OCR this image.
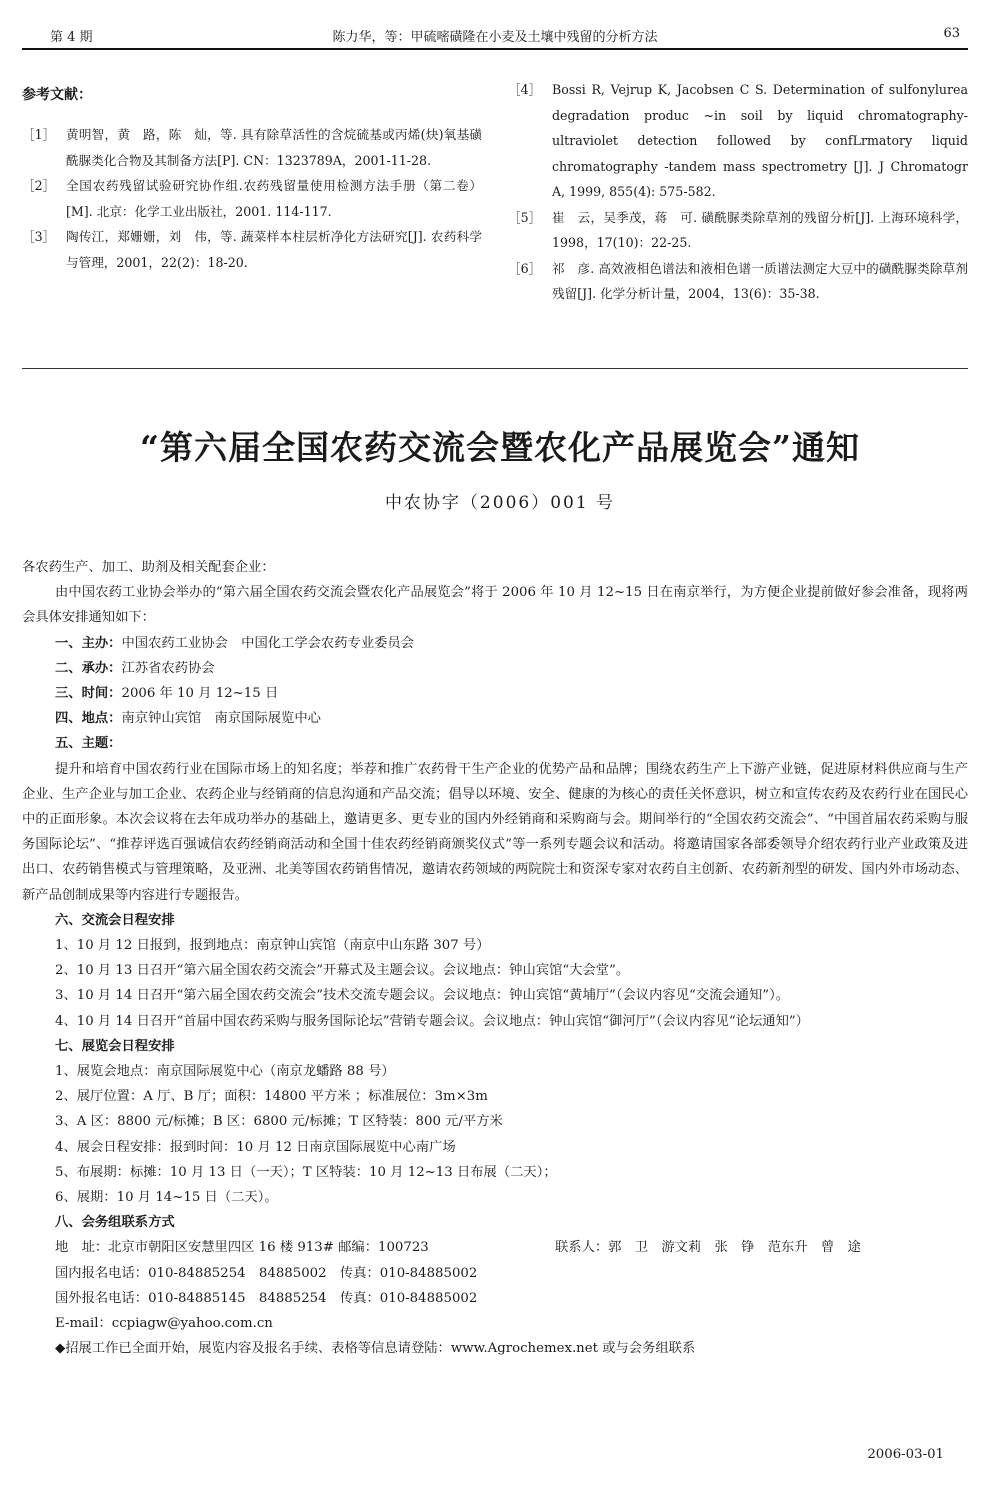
第 4 期	陈力华，等：甲硫嘧磺隆在小麦及土壤中残留的分析方法	63
参考文献：
［1］ 黄明智，黄　路，陈　灿，等. 具有除草活性的含烷硫基或丙烯(炔)氧基磺酰脲类化合物及其制备方法[P]. CN：1323789A，2001-11-28.
［2］ 全国农药残留试验研究协作组.农药残留量使用检测方法手册（第二卷）[M]. 北京：化学工业出版社，2001. 114-117.
［3］ 陶传江，郑姗姗，刘　伟，等. 蔬菜样本柱层析净化方法研究[J]. 农药科学与管理，2001，22(2)：18-20.
［4］ Bossi R, Vejrup K, Jacobsen C S. Determination of sulfonylurea degradation produc ~in soil by liquid chromatography-ultraviolet detection followed by confLrmatory liquid chromatography -tandem mass spectrometry [J]. J Chromatogr A, 1999, 855(4): 575-582.
［5］ 崔　云，吴季茂，蒋　可. 磺酰脲类除草剂的残留分析[J]. 上海环境科学，1998，17(10)：22-25.
［6］ 祁　彦. 高效液相色谱法和液相色谱一质谱法测定大豆中的磺酰脲类除草剂残留[J]. 化学分析计量，2004，13(6)：35-38.
“第六届全国农药交流会暨农化产品展览会”通知
中农协字（2006）001 号

各农药生产、加工、助剂及相关配套企业：

由中国农药工业协会举办的“第六届全国农药交流会暨农化产品展览会”将于 2006 年 10 月 12~15 日在南京举行，为方便企业提前做好参会准备，现将两会具体安排通知如下：

一、主办：中国农药工业协会　中国化工学会农药专业委员会

二、承办：江苏省农药协会

三、时间：2006 年 10 月 12~15 日

四、地点：南京钟山宾馆　南京国际展览中心

五、主题：

提升和培育中国农药行业在国际市场上的知名度；举荐和推广农药骨干生产企业的优势产品和品牌；围绕农药生产上下游产业链，促进原材料供应商与生产企业、生产企业与加工企业、农药企业与经销商的信息沟通和产品交流；倡导以环境、安全、健康的为核心的责任关怀意识，树立和宣传农药及农药行业在国民心中的正面形象。本次会议将在去年成功举办的基础上，邀请更多、更专业的国内外经销商和采购商与会。期间举行的“全国农药交流会”、“中国首届农药采购与服务国际论坛”、“推荐评选百强诚信农药经销商活动和全国十佳农药经销商颁奖仪式”等一系列专题会议和活动。将邀请国家各部委领导介绍农药行业产业政策及进出口、农药销售模式与管理策略，及亚洲、北美等国农药销售情况，邀请农药领域的两院院士和资深专家对农药自主创新、农药新剂型的研发、国内外市场动态、新产品创制成果等内容进行专题报告。

六、交流会日程安排

1、10 月 12 日报到，报到地点：南京钟山宾馆（南京中山东路 307 号）

2、10 月 13 日召开“第六届全国农药交流会”开幕式及主题会议。会议地点：钟山宾馆“大会堂”。

3、10 月 14 日召开“第六届全国农药交流会”技术交流专题会议。会议地点：钟山宾馆“黄埔厅”（会议内容见“交流会通知”）。

4、10 月 14 日召开“首届中国农药采购与服务国际论坛”营销专题会议。会议地点：钟山宾馆“御河厅”（会议内容见“论坛通知”）

七、展览会日程安排

1、展览会地点：南京国际展览中心（南京龙蟠路 88 号）

2、展厅位置：A 厅、B 厅；面积：14800 平方米 ；标准展位：3m×3m

3、A 区：8800 元/标摊；B 区：6800 元/标摊；T 区特装：800 元/平方米

4、展会日程安排：报到时间：10 月 12 日南京国际展览中心南广场

5、布展期：标摊：10 月 13 日（一天）；T 区特装：10 月 12~13 日布展（二天）；

6、展期：10 月 14~15 日（二天）。

八、会务组联系方式

地　址：北京市朝阳区安慧里四区 16 楼 913# 邮编：100723	联系人：郭　卫　游文莉　张　铮　范东升　曾　途

国内报名电话：010-84885254　84885002　传真：010-84885002

国外报名电话：010-84885145　84885254　传真：010-84885002

E-mail：ccpiagw@yahoo.com.cn

◆招展工作已全面开始，展览内容及报名手续、表格等信息请登陆：www.Agrochemex.net 或与会务组联系

2006-03-01
